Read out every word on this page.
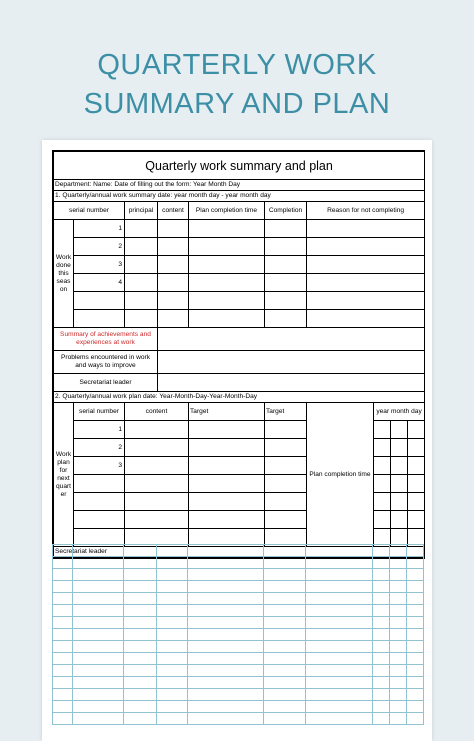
QUARTERLY WORK
SUMMARY AND PLAN
Quarterly work summary and plan									
Department: Name: Date of filling out the form: Year Month Day									
1. Quarterly/annual work summary date: year month day - year month day									
serial number		principal	content	Plan completion time	Completion	Reason for not completing			
Work done this seas on	1								
	2								
	3								
	4								

Summary of achievements and experiences at work									
Problems encountered in work and ways to improve									
Secretariat leader									
2. Quarterly/annual work plan date: Year-Month-Day-Year-Month-Day									
Work plan for next quart er	serial number	content		Target	Target	Plan completion time	year month day		
	1								
	2								
	3								

Secretariat leader									
